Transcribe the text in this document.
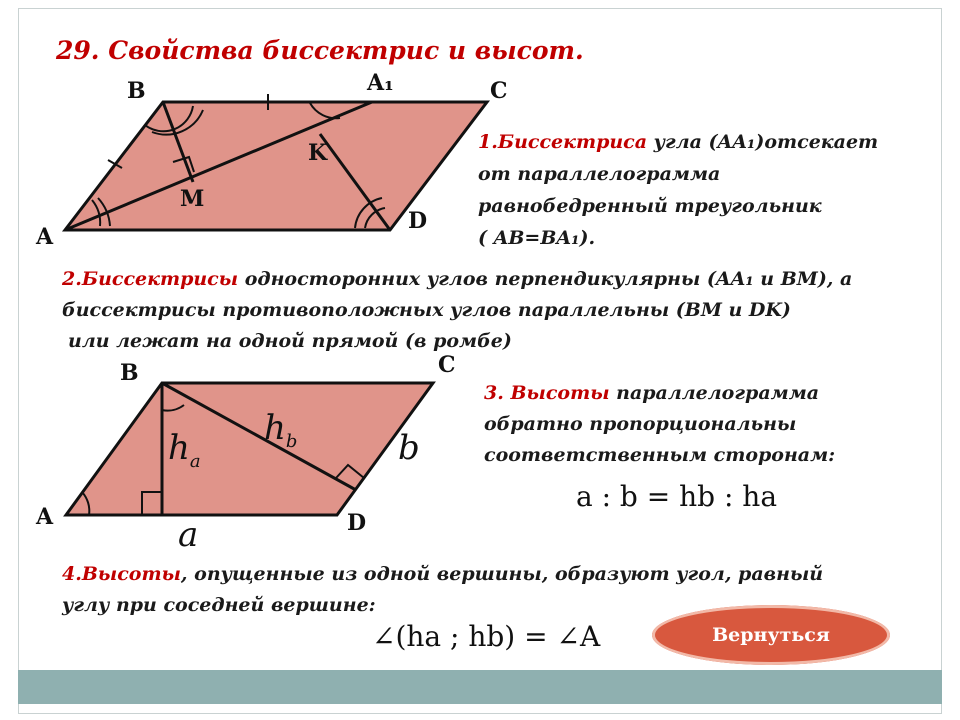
29. Свойства биссектрис и высот.
B	A₁	C
K
M
D
A
1.Биссектриса угла (AA₁)отсекает
от параллелограмма
равнобедренный треугольник
( AB=BA₁).
2.Биссектрисы односторонних углов перпендикулярны (AA₁ и BM), а
биссектрисы противоположных углов параллельны (BM и DK)
или лежат на одной прямой (в ромбе)
B	C
A	D
a
b
$h_a$
$h_b$
3. Высоты параллелограмма
обратно пропорциональны
соответственным сторонам:
a : b = hb : ha
4.Высоты, опущенные из одной вершины, образуют угол, равный
углу при соседней вершине:
∠(ha ; hb) = ∠A	Вернуться
